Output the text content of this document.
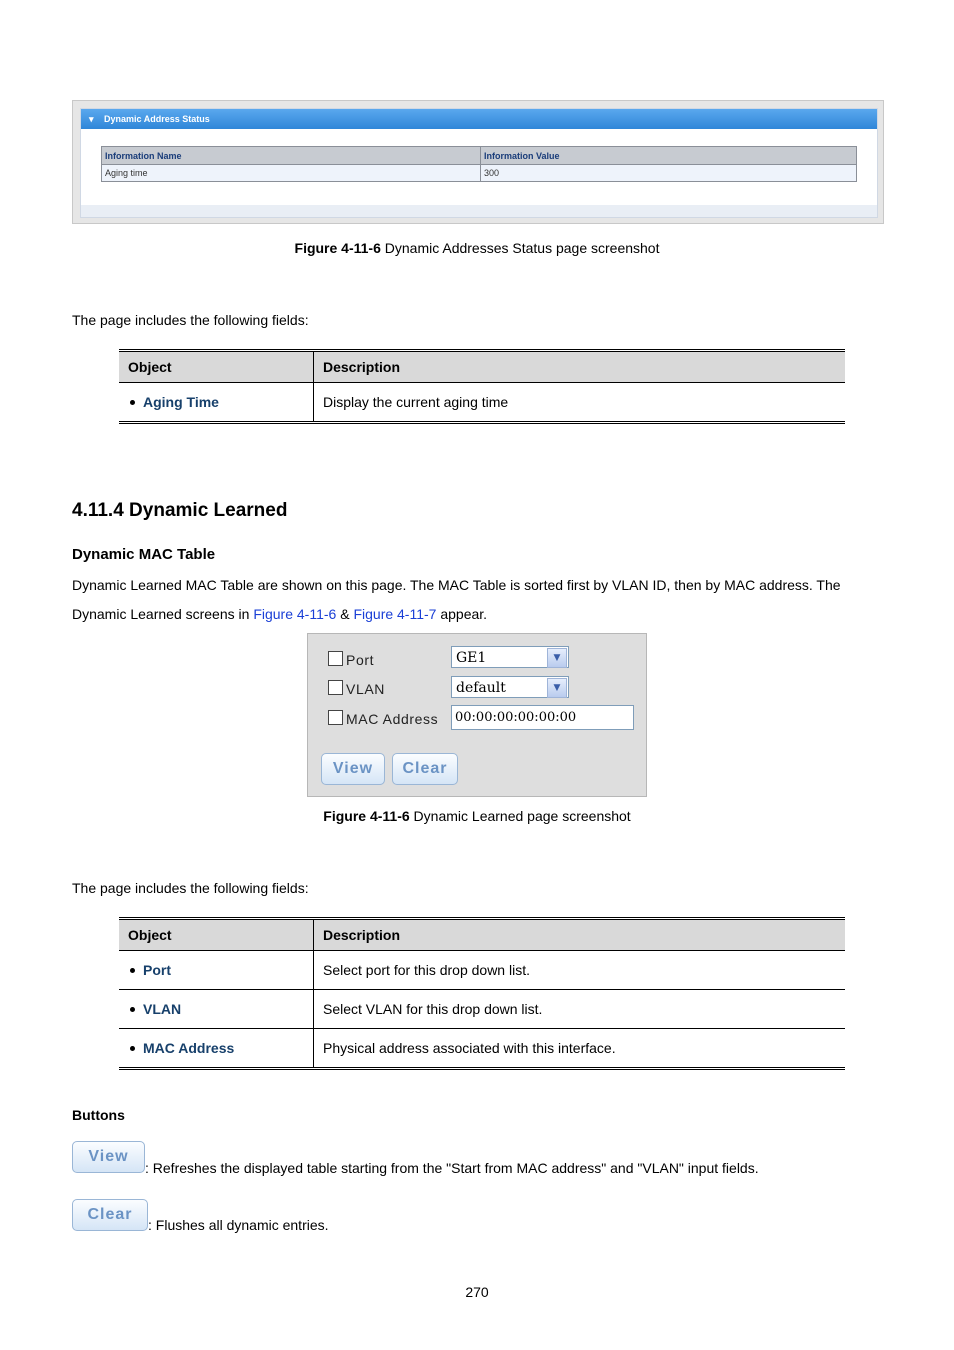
▾ Dynamic Address Status
Information Name	Information Value
Aging time	300
Figure 4-11-6 Dynamic Addresses Status page screenshot
The page includes the following fields:
Object	Description
Aging Time	Display the current aging time
4.11.4 Dynamic Learned
Dynamic MAC Table
Dynamic Learned MAC Table are shown on this page. The MAC Table is sorted first by VLAN ID, then by MAC address. The
Dynamic Learned screens in Figure 4-11-6 & Figure 4-11-7 appear.
Port	GE1	▼
VLAN	default	▼
MAC Address	00:00:00:00:00:00
View	Clear
Figure 4-11-6 Dynamic Learned page screenshot
The page includes the following fields:
Object	Description
Port	Select port for this drop down list.
VLAN	Select VLAN for this drop down list.
MAC Address	Physical address associated with this interface.
Buttons
View
: Refreshes the displayed table starting from the "Start from MAC address" and "VLAN" input fields.
Clear
: Flushes all dynamic entries.
270
